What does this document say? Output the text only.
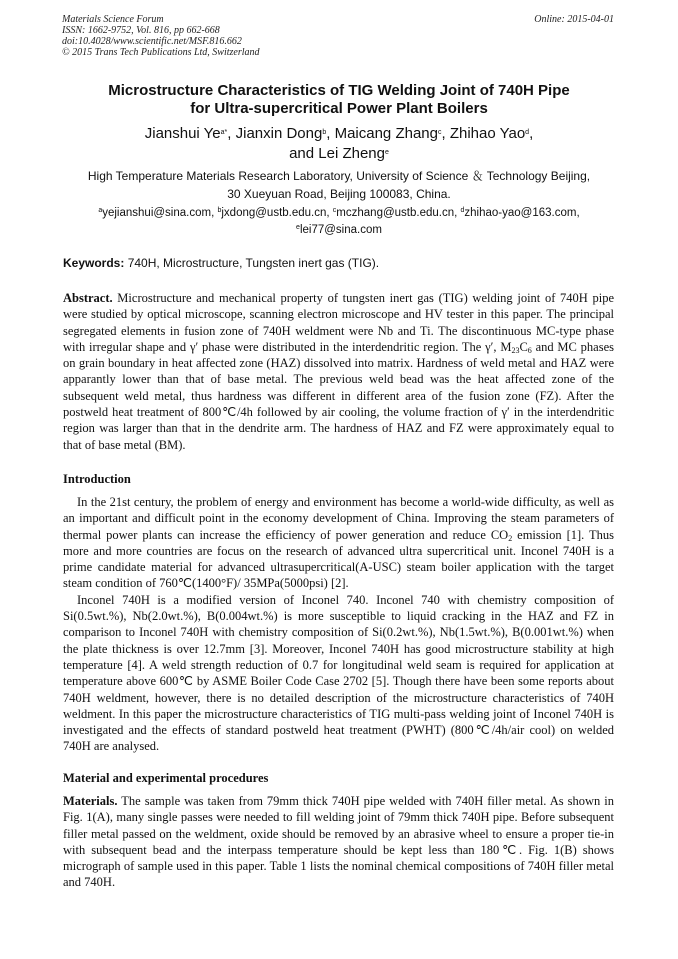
Materials Science Forum
ISSN: 1662-9752, Vol. 816, pp 662-668
doi:10.4028/www.scientific.net/MSF.816.662
© 2015 Trans Tech Publications Ltd, Switzerland
Online: 2015-04-01
Microstructure Characteristics of TIG Welding Joint of 740H Pipe
for Ultra-supercritical Power Plant Boilers
Jianshui $Ye^{a*}$, Jianxin Dong$^b$, Maicang Zhang$^c$, Zhihao Yao$^d$,
and Lei Zheng$^e$
High Temperature Materials Research Laboratory, University of Science ＆ Technology Beijing,
30 Xueyuan Road, Beijing 100083, China.
$^a$yejianshui@sina.com, $^b$jxdong@ustb.edu.cn, $^c$mczhang@ustb.edu.cn, $^d$zhihao-yao@163.com,
$^e$lei77@sina.com
Keywords: 740H, Microstructure, Tungsten inert gas (TIG).

Abstract. Microstructure and mechanical property of tungsten inert gas (TIG) welding joint of 740H pipe were studied by optical microscope, scanning electron microscope and HV tester in this paper. The principal segregated elements in fusion zone of 740H weldment were Nb and Ti. The discontinuous MC-type phase with irregular shape and γ′ phase were distributed in the interdendritic region. The γ′, $M_{23}C_6$ and MC phases on grain boundary in heat affected zone (HAZ) dissolved into matrix. Hardness of weld metal and HAZ were apparantly lower than that of base metal. The previous weld bead was the heat affected zone of the subsequent weld metal, thus hardness was different in different area of the fusion zone (FZ). After the postweld heat treatment of 800℃/4h followed by air cooling, the volume fraction of γ′ in the interdendritic region was larger than that in the dendrite arm. The hardness of HAZ and FZ were approximately equal to that of base metal (BM).

Introduction

In the 21st century, the problem of energy and environment has become a world-wide difficulty, as well as an important and difficult point in the economy development of China. Improving the steam parameters of thermal power plants can increase the efficiency of power generation and reduce $CO_2$ emission [1]. Thus more and more countries are focus on the research of advanced ultra supercritical unit. Inconel 740H is a prime candidate material for advanced ultrasupercritical(A-USC) steam boiler application with the target steam condition of 760℃(1400°F)/ 35MPa(5000psi) [2].

Inconel 740H is a modified version of Inconel 740. Inconel 740 with chemistry composition of Si(0.5wt.%), Nb(2.0wt.%), B(0.004wt.%) is more susceptible to liquid cracking in the HAZ and FZ in comparison to Inconel 740H with chemistry composition of Si(0.2wt.%), Nb(1.5wt.%), B(0.001wt.%) when the plate thickness is over 12.7mm [3]. Moreover, Inconel 740H has good microstructure stability at high temperature [4]. A weld strength reduction of 0.7 for longitudinal weld seam is required for application at temperature above 600℃ by ASME Boiler Code Case 2702 [5]. Though there have been some reports about 740H weldment, however, there is no detailed description of the microstructure characteristics of 740H weldment. In this paper the microstructure characteristics of TIG multi-pass welding joint of Inconel 740H is investigated and the effects of standard postweld heat treatment (PWHT) (800℃/4h/air cool) on welded 740H are analysed.

Material and experimental procedures

Materials. The sample was taken from 79mm thick 740H pipe welded with 740H filler metal. As shown in Fig. 1(A), many single passes were needed to fill welding joint of 79mm thick 740H pipe. Before subsequent filler metal passed on the weldment, oxide should be removed by an abrasive wheel to ensure a proper tie-in with subsequent bead and the interpass temperature should be kept less than 180℃. Fig. 1(B) shows micrograph of sample used in this paper. Table 1 lists the nominal chemical compositions of 740H filler metal and 740H.
